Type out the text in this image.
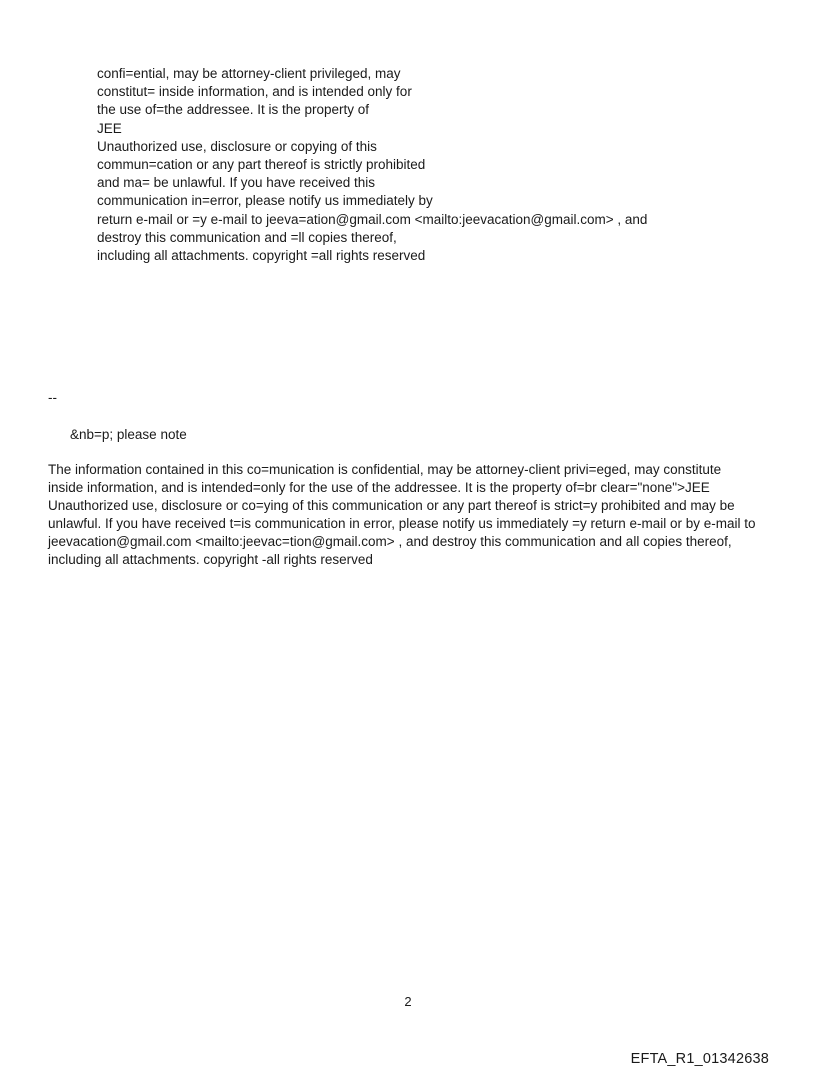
confi=ential, may be attorney-client privileged, may
constitut= inside information, and is intended only for
the use of=the addressee. It is the property of
JEE
Unauthorized use, disclosure or copying of this
commun=cation or any part thereof is strictly prohibited
and ma= be unlawful. If you have received this
communication in=error, please notify us immediately by
return e-mail or =y e-mail to jeeva=ation@gmail.com <mailto:jeevacation@gmail.com> , and
destroy this communication and =ll copies thereof,
including all attachments. copyright =all rights reserved
--
&nb=p; please note
The information contained in this co=munication is confidential, may be attorney-client privi=eged, may constitute
inside information, and is intended=only for the use of the addressee. It is the property of=br clear="none">JEE
Unauthorized use, disclosure or co=ying of this communication or any part thereof is strict=y prohibited and may be
unlawful. If you have received t=is communication in error, please notify us immediately =y return e-mail or by e-mail to
jeevacation@gmail.com <mailto:jeevac=tion@gmail.com> , and destroy this communication and all copies thereof,
including all attachments. copyright -all rights reserved
2
EFTA_R1_01342638
